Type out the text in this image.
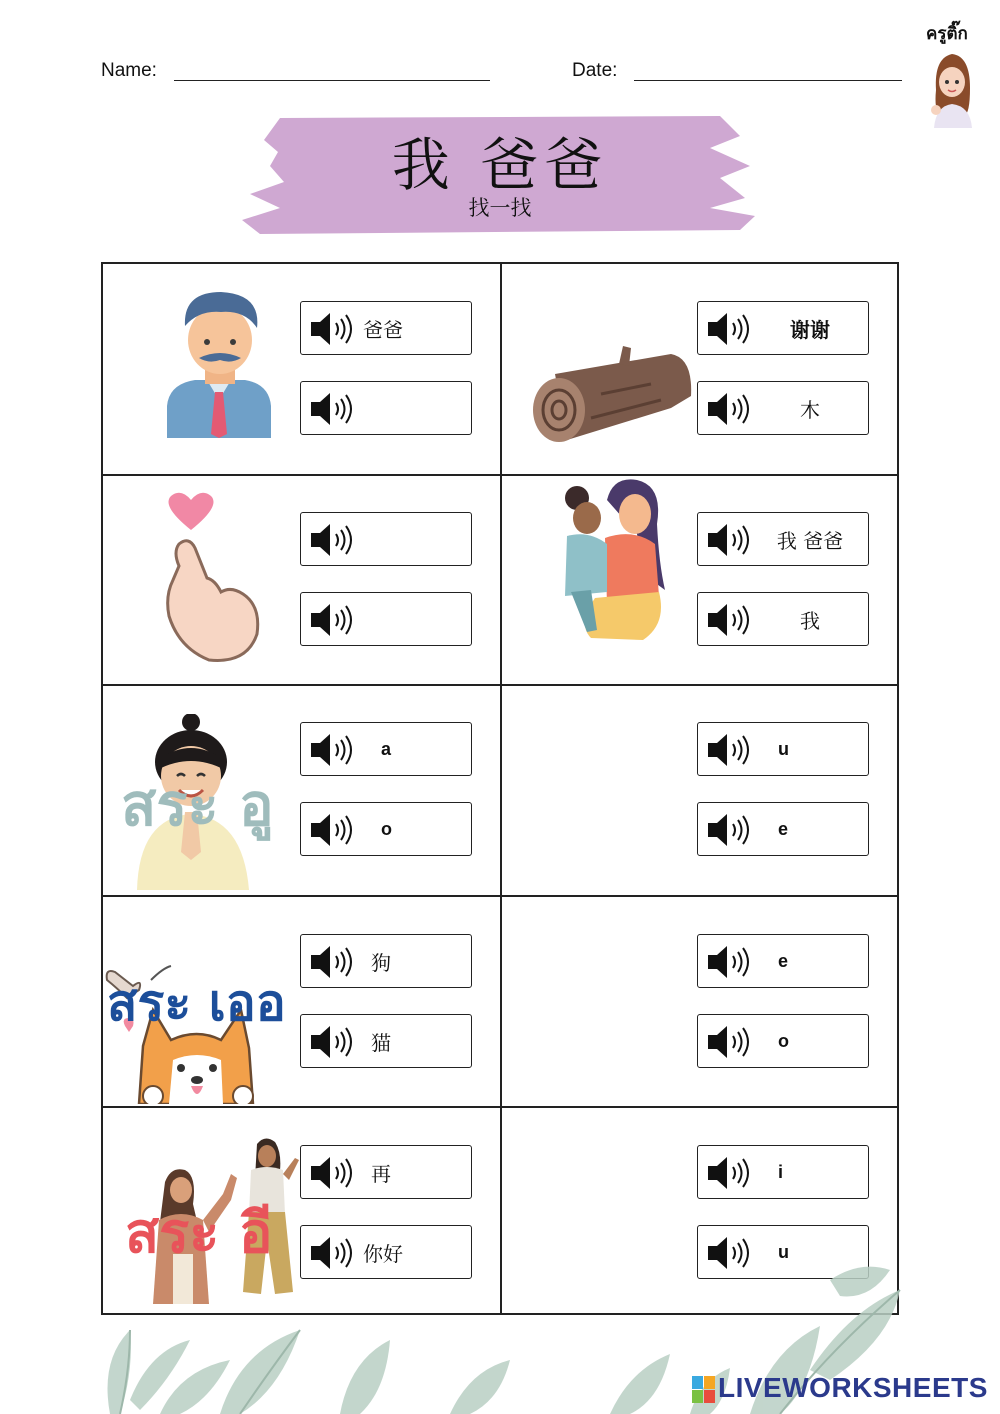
Name:	Date:
ครูติ๊ก
我 爸爸
找一找
สระ อู
สระ เออ
สระ อี
爸爸	谢谢
木
我 爸爸
我
a
o
u
e
狗
猫
e
o
再
你好
i
u
LIVEWORKSHEETS
